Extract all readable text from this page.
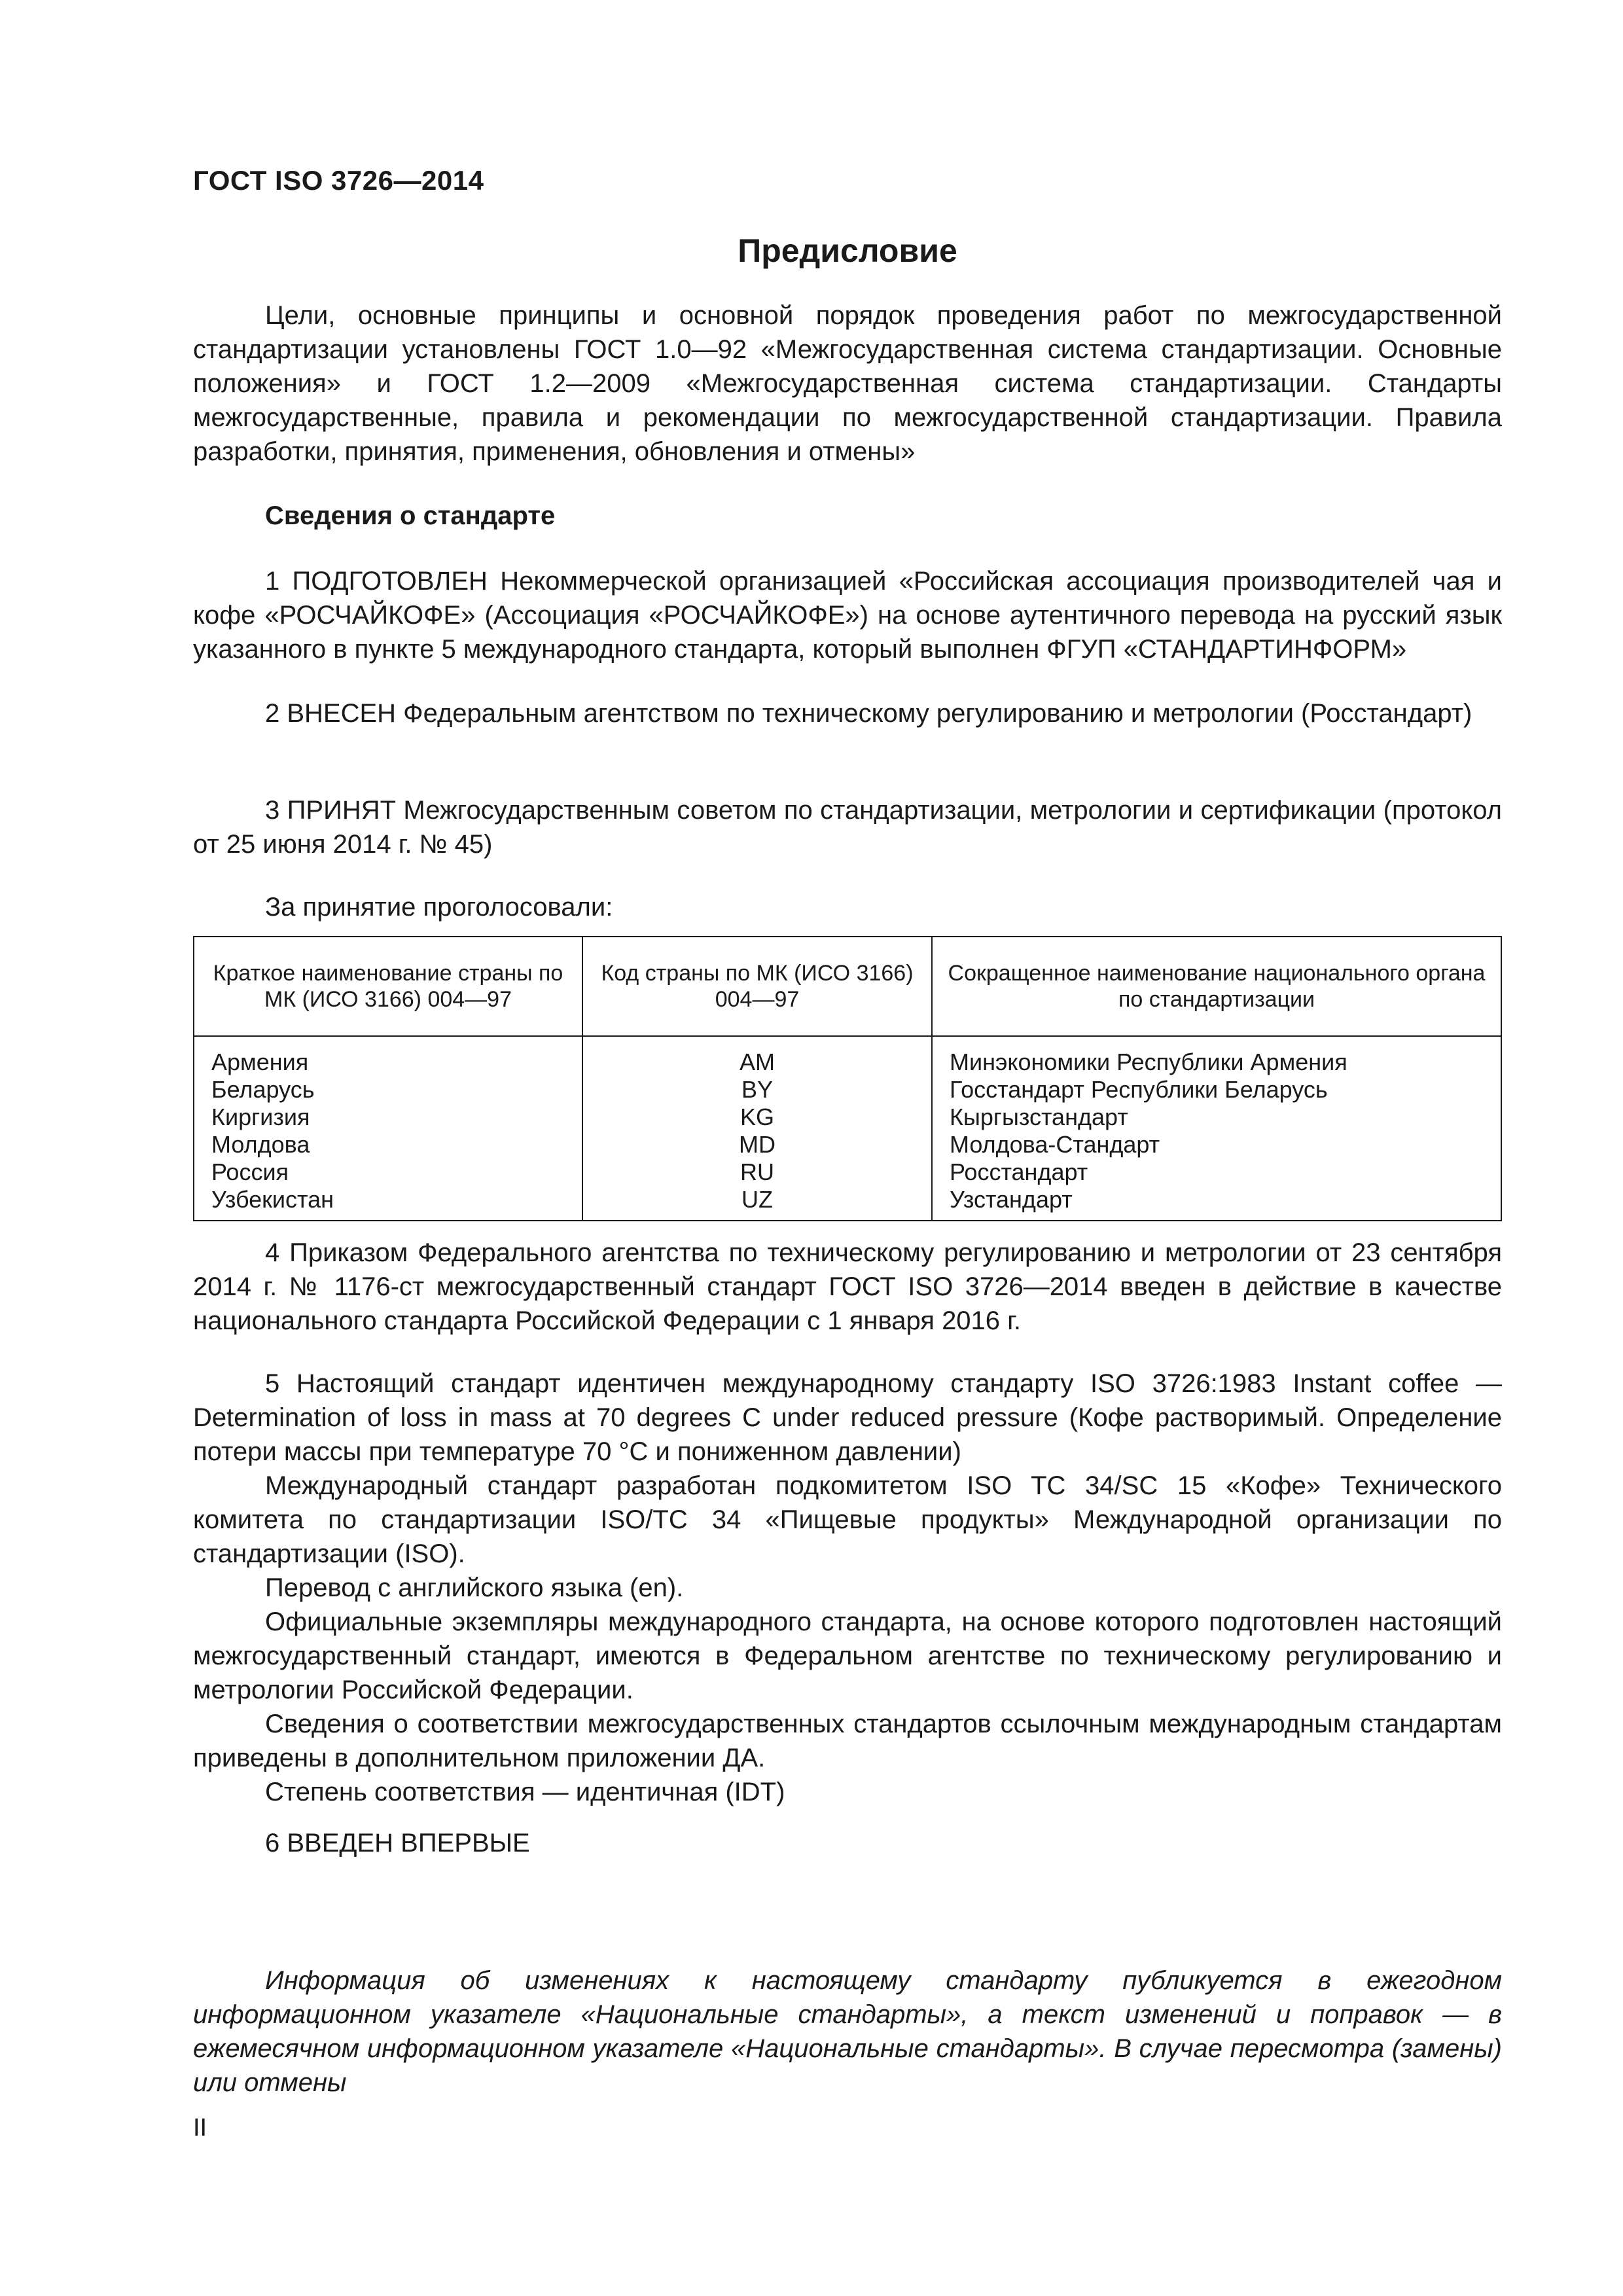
ГОСТ ISO 3726—2014
Предисловие
Цели, основные принципы и основной порядок проведения работ по межгосударственной стандартизации установлены ГОСТ 1.0—92 «Межгосударственная система стандартизации. Основные положения» и ГОСТ 1.2—2009 «Межгосударственная система стандартизации. Стандарты межгосударственные, правила и рекомендации по межгосударственной стандартизации. Правила разработки, принятия, применения, обновления и отмены»
Сведения о стандарте
1 ПОДГОТОВЛЕН Некоммерческой организацией «Российская ассоциация производителей чая и кофе «РОСЧАЙКОФЕ» (Ассоциация «РОСЧАЙКОФЕ») на основе аутентичного перевода на русский язык указанного в пункте 5 международного стандарта, который выполнен ФГУП «СТАНДАРТИНФОРМ»
2 ВНЕСЕН Федеральным агентством по техническому регулированию и метрологии (Росстандарт)
3 ПРИНЯТ Межгосударственным советом по стандартизации, метрологии и сертификации (протокол от 25 июня 2014 г. № 45)
За принятие проголосовали:
Краткое наименование страны по МК (ИСО 3166) 004—97	Код страны по МК (ИСО 3166) 004—97	Сокращенное наименование национального органа по стандартизации
Армения	AM	Минэкономики Республики Армения
Беларусь	BY	Госстандарт Республики Беларусь
Киргизия	KG	Кыргызстандарт
Молдова	MD	Молдова-Стандарт
Россия	RU	Росстандарт
Узбекистан	UZ	Узстандарт
4 Приказом Федерального агентства по техническому регулированию и метрологии от 23 сентября 2014 г. № 1176-ст межгосударственный стандарт ГОСТ ISO 3726—2014 введен в действие в качестве национального стандарта Российской Федерации с 1 января 2016 г.

5 Настоящий стандарт идентичен международному стандарту ISO 3726:1983 Instant coffee — Determination of loss in mass at 70 degrees C under reduced pressure (Кофе растворимый. Определение потери массы при температуре 70 °С и пониженном давлении)

Международный стандарт разработан подкомитетом ISO TC 34/SC 15 «Кофе» Технического комитета по стандартизации ISO/TC 34 «Пищевые продукты» Международной организации по стандартизации (ISO).

Перевод с английского языка (en).

Официальные экземпляры международного стандарта, на основе которого подготовлен настоящий межгосударственный стандарт, имеются в Федеральном агентстве по техническому регулированию и метрологии Российской Федерации.

Сведения о соответствии межгосударственных стандартов ссылочным международным стандартам приведены в дополнительном приложении ДА.

Степень соответствия — идентичная (IDT)

6 ВВЕДЕН ВПЕРВЫЕ
Информация об изменениях к настоящему стандарту публикуется в ежегодном информационном указателе «Национальные стандарты», а текст изменений и поправок — в ежемесячном информационном указателе «Национальные стандарты». В случае пересмотра (замены) или отмены
II
